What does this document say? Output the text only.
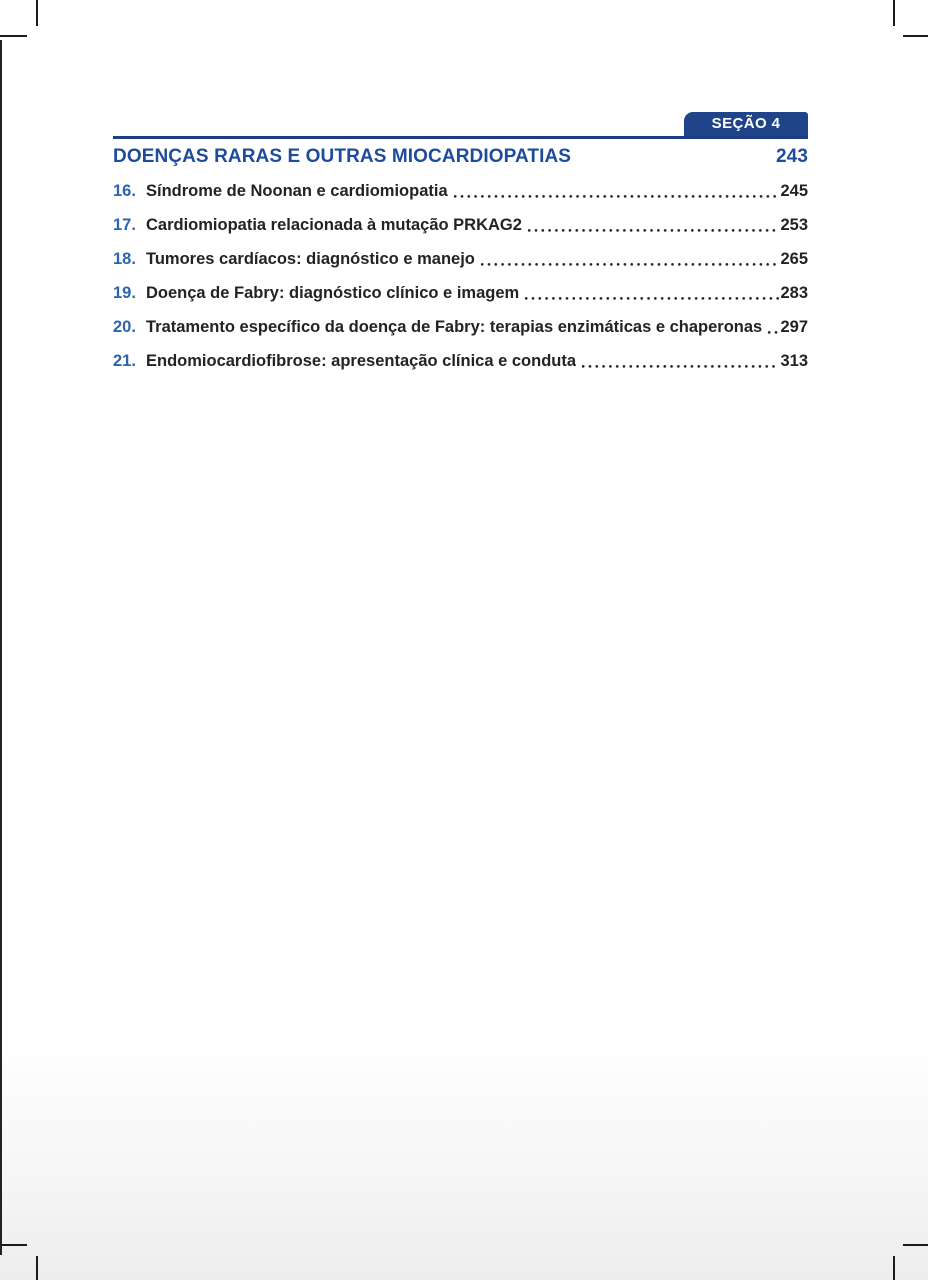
SEÇÃO 4
DOENÇAS RARAS E OUTRAS MIOCARDIOPATIAS	243
16. Síndrome de Noonan e cardiomiopatia	245
17. Cardiomiopatia relacionada à mutação PRKAG2	253
18. Tumores cardíacos: diagnóstico e manejo	265
19. Doença de Fabry: diagnóstico clínico e imagem	283
20. Tratamento específico da doença de Fabry: terapias enzimáticas e chaperonas 297
21. Endomiocardiofibrose: apresentação clínica e conduta	313
